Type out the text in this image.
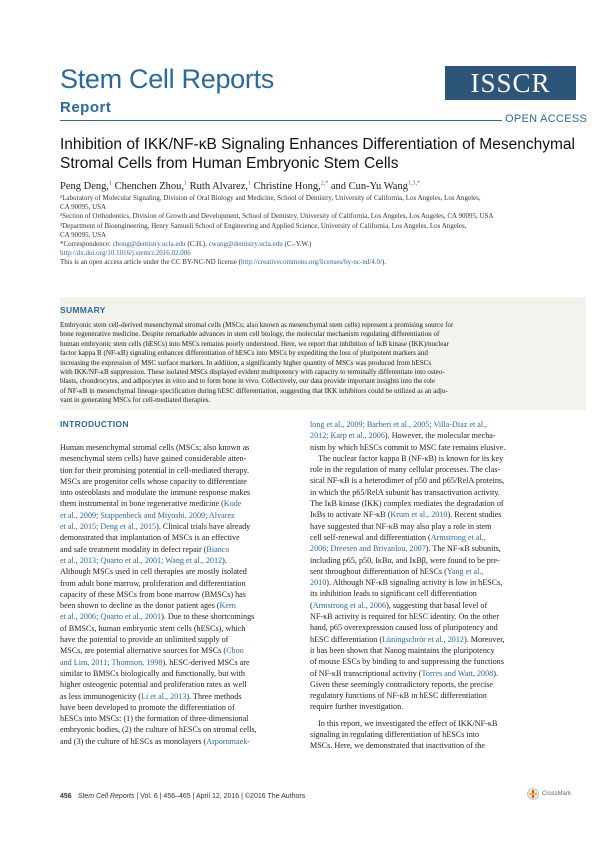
Stem Cell Reports
Report
ISSCR
OPEN ACCESS
Inhibition of IKK/NF-κB Signaling Enhances Differentiation of Mesenchymal Stromal Cells from Human Embryonic Stem Cells
Peng Deng,$^1$ Chenchen Zhou,$^1$ Ruth Alvarez,$^1$ Christine Hong,$^{2,*}$ and Cun-Yu Wang$^{1,3,*}$
¹Laboratory of Molecular Signaling, Division of Oral Biology and Medicine, School of Dentistry, University of California, Los Angeles, Los Angeles,
CA 90095, USA
²Section of Orthodontics, Division of Growth and Development, School of Dentistry, University of California, Los Angeles, Los Angeles, CA 90095, USA
³Department of Bioengineering, Henry Samueli School of Engineering and Applied Science, University of California, Los Angeles, Los Angeles,
CA 90095, USA
*Correspondence: chong@dentistry.ucla.edu (C.H.), cwang@dentistry.ucla.edu (C.-Y.W.)
http://dx.doi.org/10.1016/j.stemcr.2016.02.006
This is an open access article under the CC BY-NC-ND license (http://creativecommons.org/licenses/by-nc-nd/4.0/).
SUMMARY
Embryonic stem cell-derived mesenchymal stromal cells (MSCs; also known as mesenchymal stem cells) represent a promising source for
bone regenerative medicine. Despite remarkable advances in stem cell biology, the molecular mechanism regulating differentiation of
human embryonic stem cells (hESCs) into MSCs remains poorly understood. Here, we report that inhibition of IκB kinase (IKK)/nuclear
factor kappa B (NF-κB) signaling enhances differentiation of hESCs into MSCs by expediting the loss of pluripotent markers and
increasing the expression of MSC surface markers. In addition, a significantly higher quantity of MSCs was produced from hESCs
with IKK/NF-κB suppression. These isolated MSCs displayed evident multipotency with capacity to terminally differentiate into osteo-
blasts, chondrocytes, and adipocytes in vitro and to form bone in vivo. Collectively, our data provide important insights into the role
of NF-κB in mesenchymal lineage specification during hESC differentiation, suggesting that IKK inhibitors could be utilized as an adju-
vant in generating MSCs for cell-mediated therapies.
INTRODUCTION
Human mesenchymal stromal cells (MSCs; also known as
mesenchymal stem cells) have gained considerable atten-
tion for their promising potential in cell-mediated therapy.
MSCs are progenitor cells whose capacity to differentiate
into osteoblasts and modulate the immune response makes
them instrumental in bone regenerative medicine (Kode
et al., 2009; Stappenbeck and Miyoshi, 2009; Alvarez
et al., 2015; Deng et al., 2015). Clinical trials have already
demonstrated that implantation of MSCs is an effective
and safe treatment modality in defect repair (Bianco
et al., 2013; Quarto et al., 2001; Wang et al., 2012).
Although MSCs used in cell therapies are mostly isolated
from adult bone marrow, proliferation and differentiation
capacity of these MSCs from bone marrow (BMSCs) has
been shown to decline as the donor patient ages (Kern
et al., 2006; Quarto et al., 2001). Due to these shortcomings
of BMSCs, human embryonic stem cells (hESCs), which
have the potential to provide an unlimited supply of
MSCs, are potential alternative sources for MSCs (Choo
and Lim, 2011; Thomson, 1998). hESC-derived MSCs are
similar to BMSCs biologically and functionally, but with
higher osteogenic potential and proliferation rates as well
as less immunogenicity (Li et al., 2013). Three methods
have been developed to promote the differentiation of
hESCs into MSCs: (1) the formation of three-dimensional
embryonic bodies, (2) the culture of hESCs on stromal cells,
and (3) the culture of hESCs as monolayers (Arpornmaek-
long et al., 2009; Barberi et al., 2005; Villa-Diaz et al.,
2012; Karp et al., 2006). However, the molecular mecha-
nism by which hESCs commit to MSC fate remains elusive.
The nuclear factor kappa B (NF-κB) is known for its key
role in the regulation of many cellular processes. The clas-
sical NF-κB is a heterodimer of p50 and p65/RelA proteins,
in which the p65/RelA subunit has transactivation activity.
The IκB kinase (IKK) complex mediates the degradation of
IκBs to activate NF-κB (Krum et al., 2010). Recent studies
have suggested that NF-κB may also play a role in stem
cell self-renewal and differentiation (Armstrong et al.,
2006; Dreesen and Brivanlou, 2007). The NF-κB subunits,
including p65, p50, IκBα, and IκBβ, were found to be pre-
sent throughout differentiation of hESCs (Yang et al.,
2010). Although NF-κB signaling activity is low in hESCs,
its inhibition leads to significant cell differentiation
(Armstrong et al., 2006), suggesting that basal level of
NF-κB activity is required for hESC identity. On the other
hand, p65 overexpression caused loss of pluripotency and
hESC differentiation (Lüningschrör et al., 2012). Moreover,
it has been shown that Nanog maintains the pluripotency
of mouse ESCs by binding to and suppressing the functions
of NF-κB transcriptional activity (Torres and Watt, 2008).
Given these seemingly contradictory reports, the precise
regulatory functions of NF-κB in hESC differentiation
require further investigation.
In this report, we investigated the effect of IKK/NF-κB
signaling in regulating differentiation of hESCs into
MSCs. Here, we demonstrated that inactivation of the
456 Stem Cell Reports | Vol. 6 | 456–465 | April 12, 2016 | ©2016 The Authors	CrossMark
